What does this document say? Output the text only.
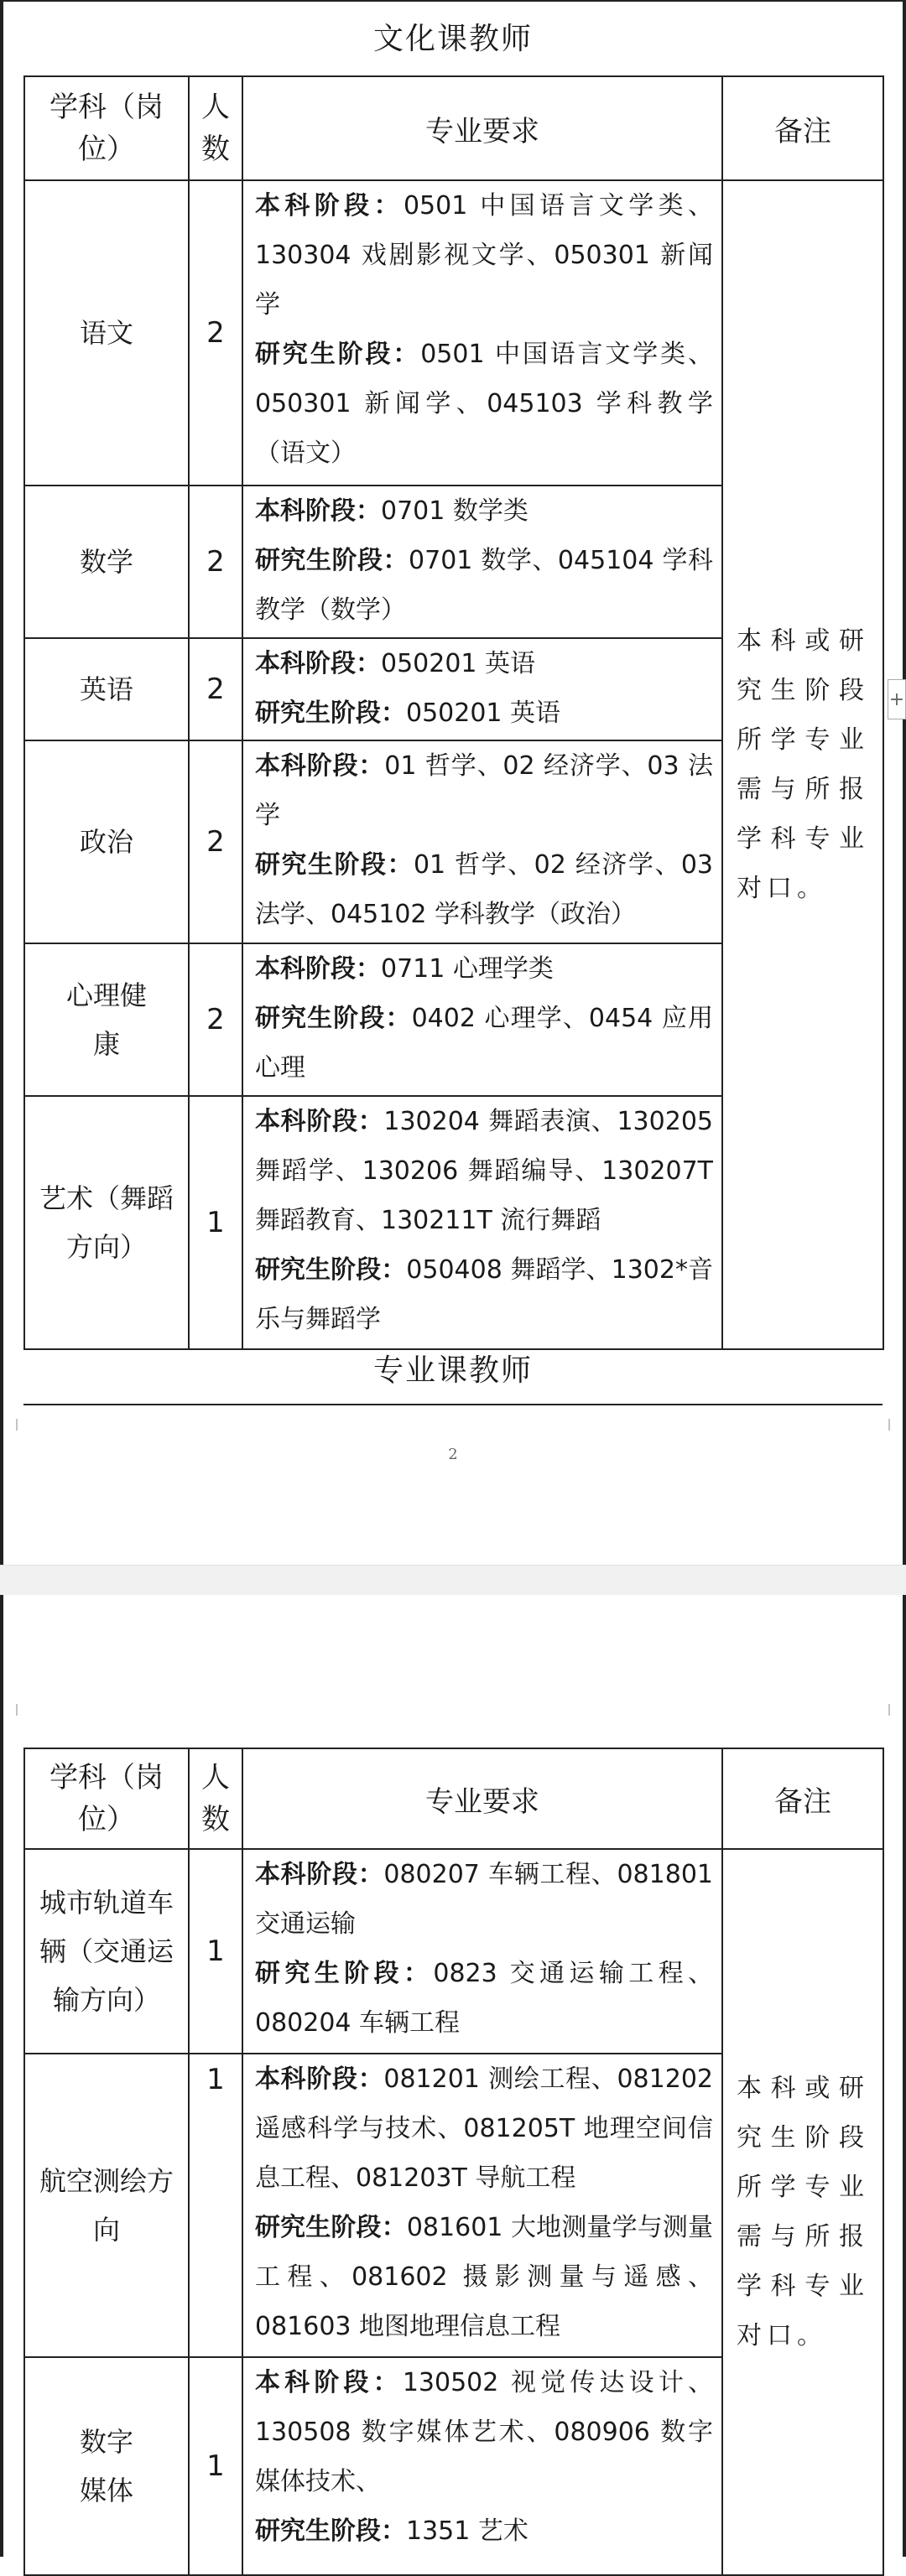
文化课教师
学科（岗位）	人数	专业要求	备注
语文	2	本科阶段：0501 中国语言文学类、130304 戏剧影视文学、050301 新闻学
研究生阶段：0501 中国语言文学类、050301 新闻学、045103 学科教学（语文）	本科或研究生阶段所学专业需与所报学科专业对口。
数学	2	本科阶段：0701 数学类
研究生阶段：0701 数学、045104 学科教学（数学）	

英语	2	本科阶段：050201 英语
研究生阶段：050201 英语	

政治	2	本科阶段：01 哲学、02 经济学、03 法学
研究生阶段：01 哲学、02 经济学、03 法学、045102 学科教学（政治）	

心理健康	2	本科阶段：0711 心理学类
研究生阶段：0402 心理学、0454 应用心理	

艺术（舞蹈方向）	1	本科阶段：130204 舞蹈表演、130205 舞蹈学、130206 舞蹈编导、130207T 舞蹈教育、130211T 流行舞蹈
研究生阶段：050408 舞蹈学、1302*音乐与舞蹈学	
专业课教师
2
+
学科（岗位）	人数	专业要求	备注
城市轨道车辆（交通运输方向）	1	本科阶段：080207 车辆工程、081801 交通运输
研究生阶段：0823 交通运输工程、080204 车辆工程	本科或研究生阶段所学专业需与所报学科专业对口。
航空测绘方向	1	本科阶段：081201 测绘工程、081202 遥感科学与技术、081205T 地理空间信息工程、081203T 导航工程
研究生阶段：081601 大地测量学与测量工程、081602 摄影测量与遥感、081603 地图地理信息工程	

数字媒体	1	本科阶段：130502 视觉传达设计、130508 数字媒体艺术、080906 数字媒体技术、
研究生阶段：1351 艺术	
